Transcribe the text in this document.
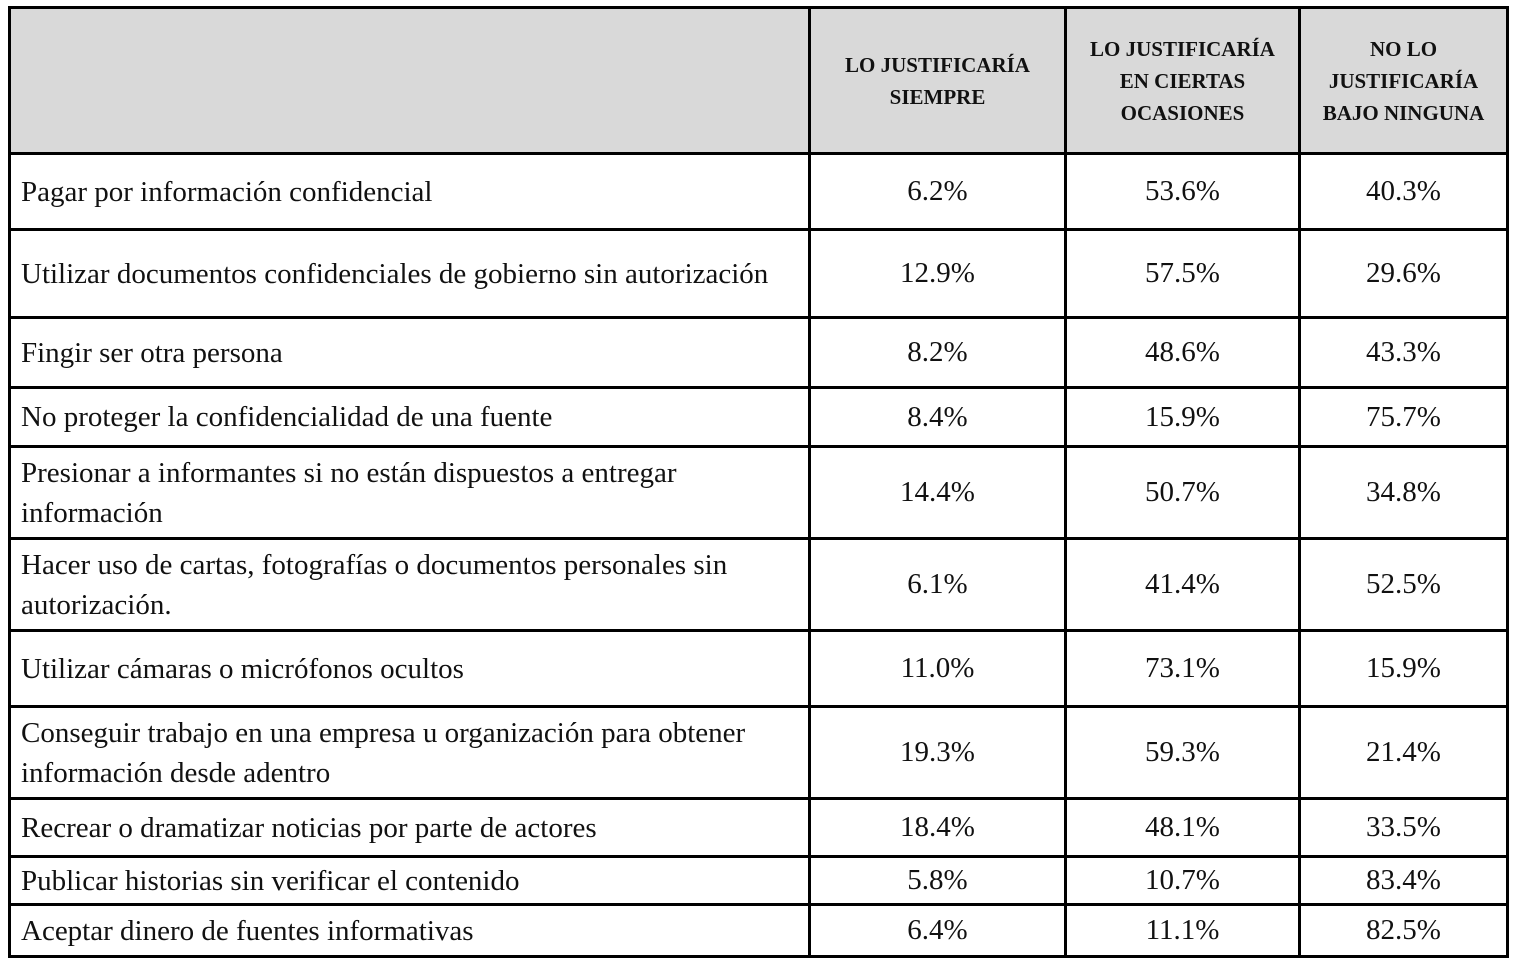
	LO JUSTIFICARÍA SIEMPRE	LO JUSTIFICARÍA EN CIERTAS OCASIONES	NO LO JUSTIFICARÍA BAJO NINGUNA

Pagar por información confidencial	6.2%	53.6%	40.3%
Utilizar documentos confidenciales de gobierno sin autorización	12.9%	57.5%	29.6%
Fingir ser otra persona	8.2%	48.6%	43.3%
No proteger la confidencialidad de una fuente	8.4%	15.9%	75.7%
Presionar a informantes si no están dispuestos a entregar información	14.4%	50.7%	34.8%
Hacer uso de cartas, fotografías o documentos personales sin autorización.	6.1%	41.4%	52.5%
Utilizar cámaras o micrófonos ocultos	11.0%	73.1%	15.9%
Conseguir trabajo en una empresa u organización para obtener información desde adentro	19.3%	59.3%	21.4%
Recrear o dramatizar noticias por parte de actores	18.4%	48.1%	33.5%
Publicar historias sin verificar el contenido	5.8%	10.7%	83.4%
Aceptar dinero de fuentes informativas	6.4%	11.1%	82.5%
